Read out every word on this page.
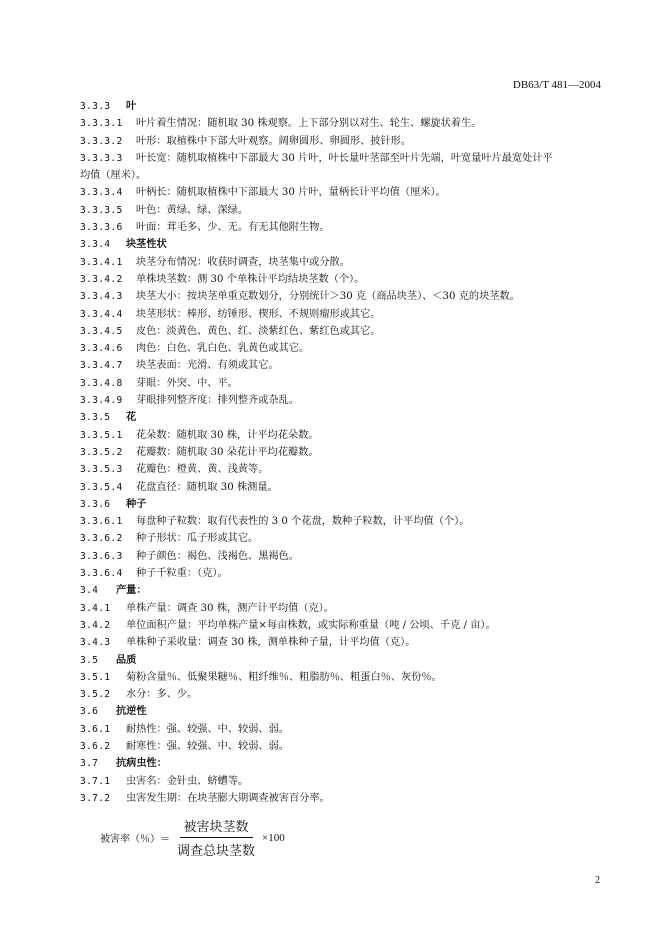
DB63/T 481—2004
3.3.3 叶
3.3.3.1 叶片着生情况：随机取 30 株观察。上下部分别以对生、轮生、螺旋状着生。
3.3.3.2 叶形：取植株中下部大叶观察。阔卵圆形、卵圆形、披针形。
3.3.3.3 叶长宽：随机取植株中下部最大 30 片叶，叶长量叶茎部至叶片先端，叶宽量叶片最宽处计平
均值（厘米）。
3.3.3.4 叶柄长：随机取植株中下部最大 30 片叶，量柄长计平均值（厘米）。
3.3.3.5 叶色：黄绿、绿、深绿。
3.3.3.6 叶面：茸毛多、少、无。有无其他附生物。
3.3.4 块茎性状
3.3.4.1 块茎分布情况：收获时调查，块茎集中或分散。
3.3.4.2 单株块茎数：测 30 个单株计平均结块茎数（个）。
3.3.4.3 块茎大小：按块茎单重克数划分，分别统计＞30 克（商品块茎）、＜30 克的块茎数。
3.3.4.4 块茎形状：棒形、纺锤形、楔形、不规则瘤形或其它。
3.3.4.5 皮色：淡黄色、黄色、红、淡紫红色、紫红色或其它。
3.3.4.6 肉色：白色、乳白色、乳黄色或其它。
3.3.4.7 块茎表面：光滑、有须或其它。
3.3.4.8 芽眼：外突、中、平。
3.3.4.9 芽眼排列整齐度：排列整齐或杂乱。
3.3.5 花
3.3.5.1 花朵数：随机取 30 株，计平均花朵数。
3.3.5.2 花瓣数：随机取 30 朵花计平均花瓣数。
3.3.5.3 花瓣色：橙黄、黄、浅黄等。
3.3.5.4 花盘直径：随机取 30 株测量。
3.3.6 种子
3.3.6.1 每盘种子粒数：取有代表性的 3 0 个花盘，数种子粒数，计平均值（个）。
3.3.6.2 种子形状：瓜子形或其它。
3.3.6.3 种子颜色：褐色、浅褐色、黑褐色。
3.3.6.4 种子千粒重：（克）。
3.4 产量：
3.4.1 单株产量：调查 30 株，测产计平均值（克）。
3.4.2 单位面积产量：平均单株产量×每亩株数，或实际称重量（吨 / 公顷、千克 / 亩）。
3.4.3 单株种子采收量：调查 30 株，测单株种子量，计平均值（克）。
3.5 品质
3.5.1 菊粉含量％、低聚果糖％、粗纤维％、粗脂肪％、粗蛋白％、灰份％。
3.5.2 水分：多、少。
3.6 抗逆性
3.6.1 耐热性：强、较强、中、较弱、弱。
3.6.2 耐寒性：强、较强、中、较弱、弱。
3.7 抗病虫性：
3.7.1 虫害名：金针虫、蛴螬等。
3.7.2 虫害发生期：在块茎膨大期调查被害百分率。
被害率（％）＝ $\frac{\text{被害块茎数}}{\text{调查总块茎数}} \times 100$
2
